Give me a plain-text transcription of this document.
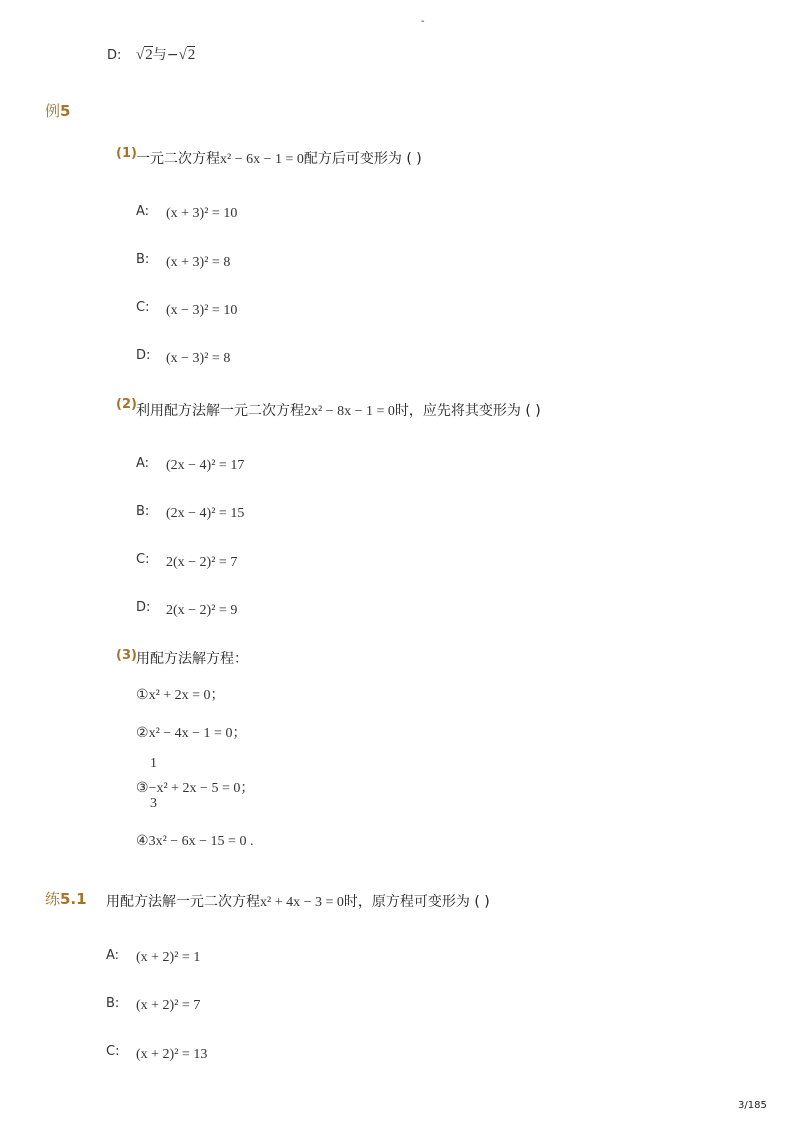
-
D: √2与−√2
例5
(1) 一元二次方程x² − 6x − 1 = 0配方后可变形为 ( )
A: (x + 3)² = 10
B: (x + 3)² = 8
C: (x − 3)² = 10
D: (x − 3)² = 8
(2) 利用配方法解一元二次方程2x² − 8x − 1 = 0时，应先将其变形为 ( )
A: (2x − 4)² = 17
B: (2x − 4)² = 15
C: 2(x − 2)² = 7
D: 2(x − 2)² = 9
(3) 用配方法解方程：
①x² + 2x = 0；
②x² − 4x − 1 = 0；
1
③−x² + 2x − 5 = 0；
3
④3x² − 6x − 15 = 0 .
练5.1 用配方法解一元二次方程x² + 4x − 3 = 0时，原方程可变形为 ( )
A: (x + 2)² = 1
B: (x + 2)² = 7
C: (x + 2)² = 13
3/185
